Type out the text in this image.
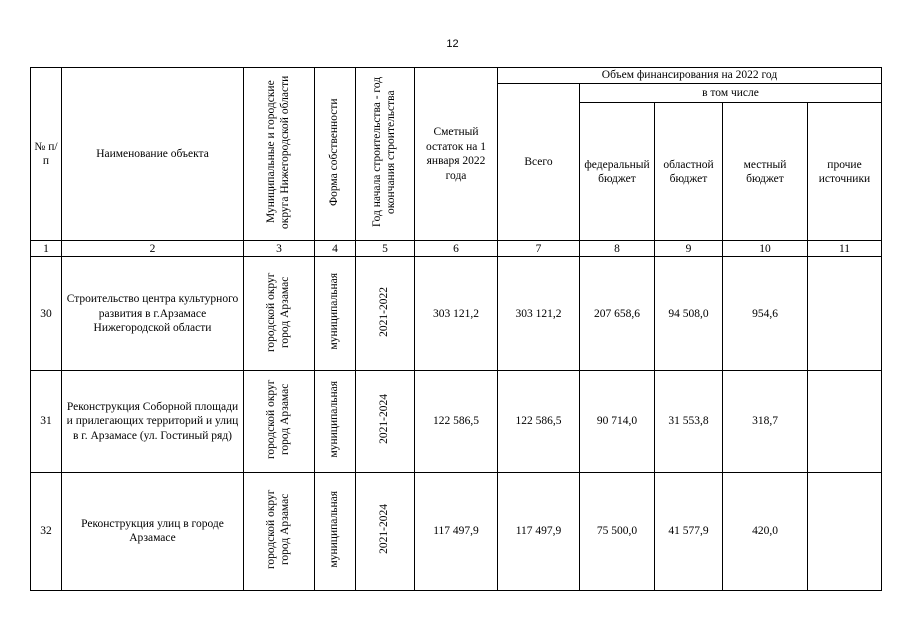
12
№ п/п	Наименование объекта	Муниципальные и городские округа Нижегородской области	Форма собственности	Год начала строительства - год окончания строительства	Сметный остаток на 1 января 2022 года	Объем финансирования на 2022 год				
						Всего	в том числе			
							федеральный бюджет	областной бюджет	местный бюджет	прочие источники
1	2	3	4	5	6	7	8	9	10	11
30	Строительство центра культурного развития в г.Арзамасе Нижегородской области	городской округ город Арзамас	муниципальная	2021-2022	303 121,2	303 121,2	207 658,6	94 508,0	954,6	
31	Реконструкция Соборной площади и прилегающих территорий и улиц в г. Арзамасе (ул. Гостиный ряд)	городской округ город Арзамас	муниципальная	2021-2024	122 586,5	122 586,5	90 714,0	31 553,8	318,7	
32	Реконструкция улиц в городе Арзамасе	городской округ город Арзамас	муниципальная	2021-2024	117 497,9	117 497,9	75 500,0	41 577,9	420,0	
